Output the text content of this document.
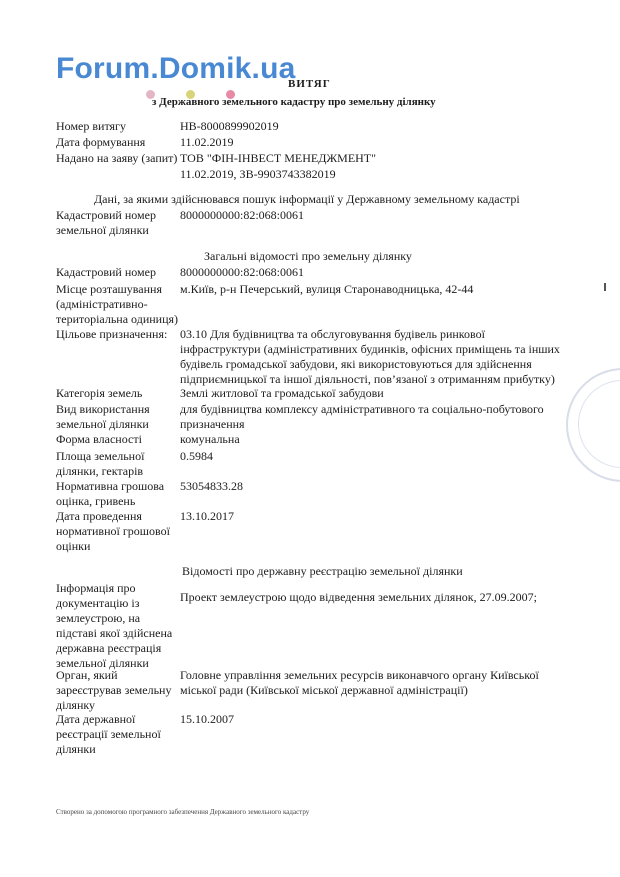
Forum.Domik.ua
ВИТЯГ
з Державного земельного кадастру про земельну ділянку
Номер витягу	НВ-8000899902019
Дата формування	11.02.2019
Надано на заяву (запит) ТОВ "ФІН-ІНВЕСТ МЕНЕДЖМЕНТ"
11.02.2019, ЗВ-9903743382019
Дані, за якими здійснювався пошук інформації у Державному земельному кадастрі
Кадастровий номер земельної ділянки
8000000000:82:068:0061
Загальні відомості про земельну ділянку
Кадастровий номер	8000000000:82:068:0061
Місце розташування (адміністративно-територіальна одиниця)
м.Київ, р-н Печерський, вулиця Старонаводницька, 42-44
Цільове призначення:	03.10 Для будівництва та обслуговування будівель ринкової інфраструктури (адміністративних будинків, офісних приміщень та інших будівель громадської забудови, які використовуються для здійснення підприємницької та іншої діяльності, пов’язаної з отриманням прибутку)
Категорія земель	Землі житлової та громадської забудови
Вид використання земельної ділянки
для будівництва комплексу адміністративного та соціально-побутового призначення
Форма власності	комунальна
Площа земельної ділянки, гектарів
0.5984
Нормативна грошова оцінка, гривень
53054833.28
Дата проведення нормативної грошової оцінки
13.10.2017
Відомості про державну реєстрацію земельної ділянки
Інформація про документацію із землеустрою, на підставі якої здійснена державна реєстрація земельної ділянки
Проект землеустрою щодо відведення земельних ділянок, 27.09.2007;
Орган, який зареєстрував земельну ділянку
Головне управління земельних ресурсів виконавчого органу Київської міської ради (Київської міської державної адміністрації)
Дата державної реєстрації земельної ділянки
15.10.2007
Створено за допомогою програмного забезпечення Державного земельного кадастру
